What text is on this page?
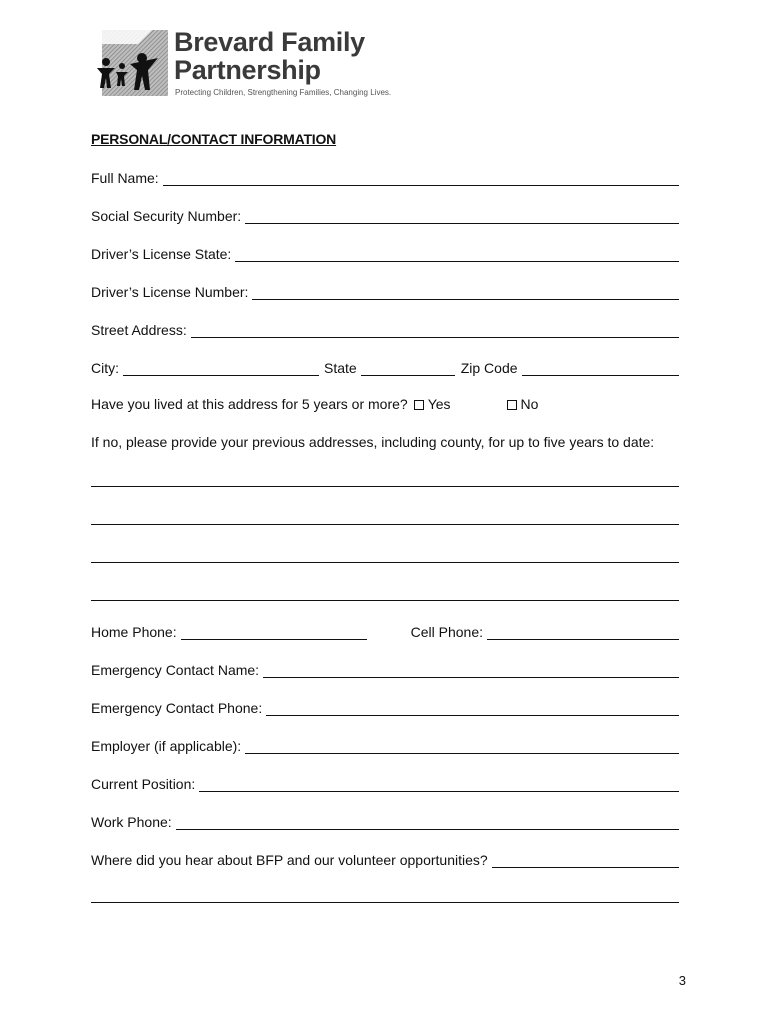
Brevard Family
Partnership
Protecting Children, Strengthening Families, Changing Lives.
PERSONAL/CONTACT INFORMATION
Full Name:
Social Security Number:
Driver’s License State:
Driver’s License Number:
Street Address:
City:	State	Zip Code
Have you lived at this address for 5 years or more? Yes	No
If no, please provide your previous addresses, including county, for up to five years to date:
Home Phone:	Cell Phone:
Emergency Contact Name:
Emergency Contact Phone:
Employer (if applicable):
Current Position:
Work Phone:
Where did you hear about BFP and our volunteer opportunities?
3
